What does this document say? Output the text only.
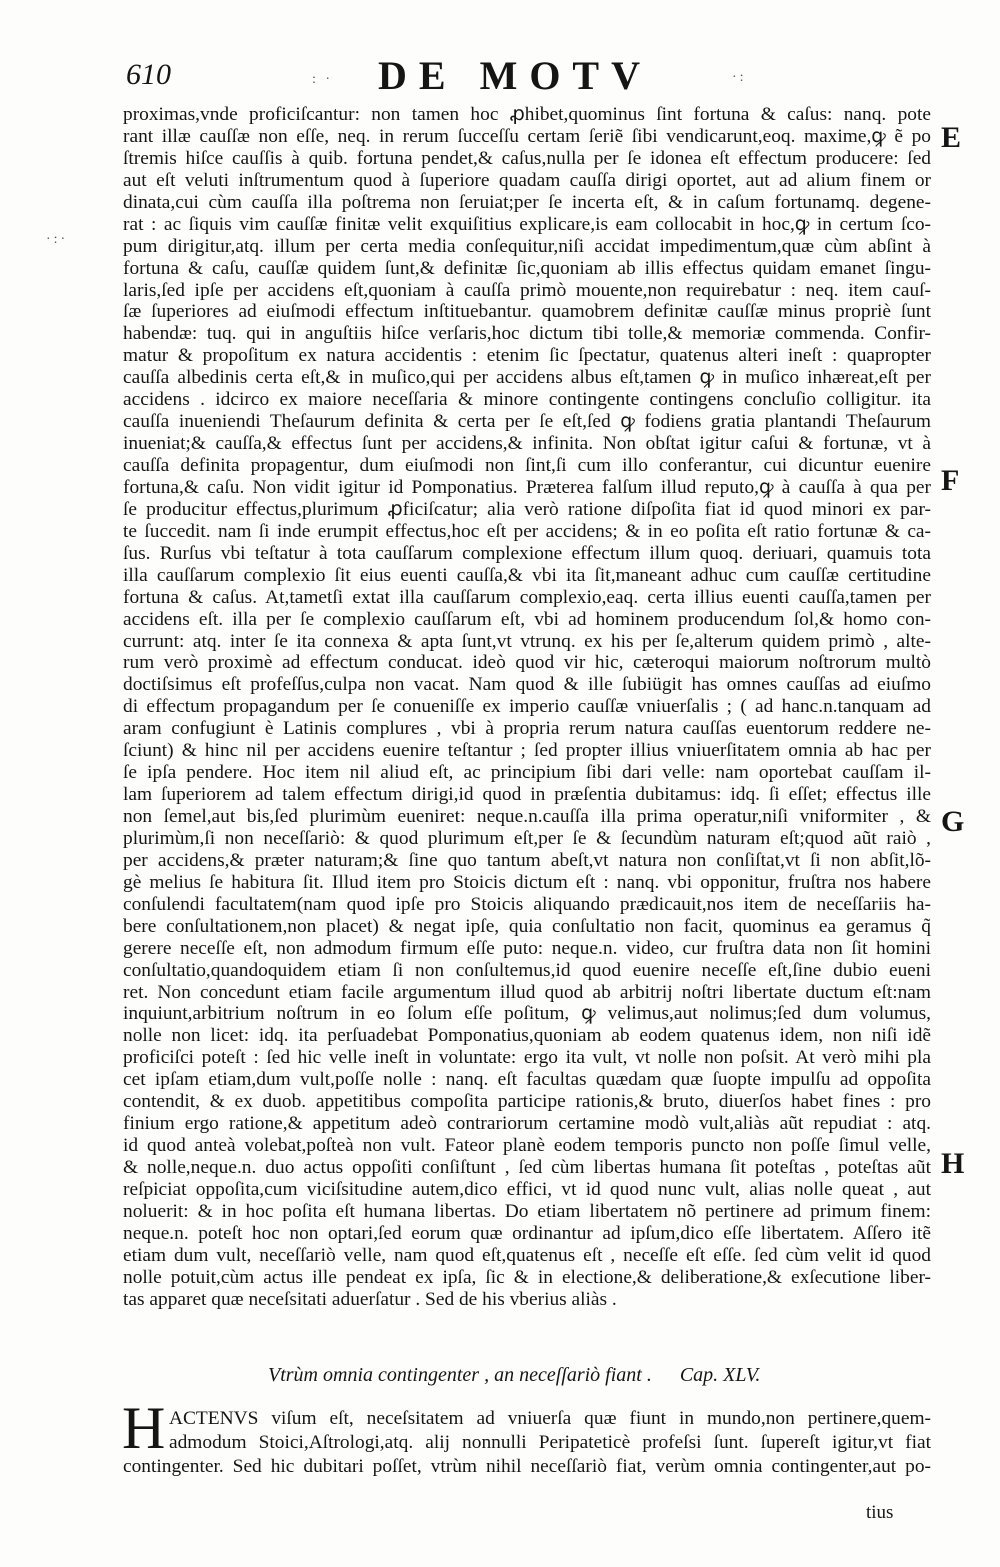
610	DE MOTV
: ·	·:
·:·
proximas,vnde proficiſcantur: non tamen hoc ꝓhibet,quominus ſint fortuna & caſus: nanq. pote
rant illæ cauſſæ non eſſe, neq. in rerum ſucceſſu certam ſeriẽ ſibi vendicarunt,eoq. maxime,ꝙ ẽ po
ſtremis hiſce cauſſis à quib. fortuna pendet,& caſus,nulla per ſe idonea eſt effectum producere: ſed
aut eſt veluti inſtrumentum quod à ſuperiore quadam cauſſa dirigi oportet, aut ad alium finem or
dinata,cui cùm cauſſa illa poſtrema non ſeruiat;per ſe incerta eſt, & in caſum fortunamq. degene-
rat : ac ſiquis vim cauſſæ finitæ velit exquiſitius explicare,is eam collocabit in hoc,ꝙ in certum ſco-
pum dirigitur,atq. illum per certa media conſequitur,niſi accidat impedimentum,quæ cùm abſint à
fortuna & caſu, cauſſæ quidem ſunt,& definitæ ſic,quoniam ab illis effectus quidam emanet ſingu-
laris,ſed ipſe per accidens eſt,quoniam à cauſſa primò mouente,non requirebatur : neq. item cauſ-
ſæ ſuperiores ad eiuſmodi effectum inſtituebantur. quamobrem definitæ cauſſæ minus propriè ſunt
habendæ: tuq. qui in anguſtiis hiſce verſaris,hoc dictum tibi tolle,& memoriæ commenda. Confir-
matur & propoſitum ex natura accidentis : etenim ſic ſpectatur, quatenus alteri ineſt : quapropter
cauſſa albedinis certa eſt,& in muſico,qui per accidens albus eſt,tamen ꝙ in muſico inhæreat,eſt per
accidens . idcirco ex maiore neceſſaria & minore contingente contingens concluſio colligitur. ita
cauſſa inueniendi Theſaurum definita & certa per ſe eſt,ſed ꝙ fodiens gratia plantandi Theſaurum
inueniat;& cauſſa,& effectus ſunt per accidens,& infinita. Non obſtat igitur caſui & fortunæ, vt à
cauſſa definita propagentur, dum eiuſmodi non ſint,ſi cum illo conferantur, cui dicuntur euenire
fortuna,& caſu. Non vidit igitur id Pomponatius. Præterea falſum illud reputo,ꝙ à cauſſa à qua per
ſe producitur effectus,plurimum ꝓficiſcatur; alia verò ratione diſpoſita fiat id quod minori ex par-
te ſuccedit. nam ſi inde erumpit effectus,hoc eſt per accidens; & in eo poſita eſt ratio fortunæ & ca-
ſus. Rurſus vbi teſtatur à tota cauſſarum complexione effectum illum quoq. deriuari, quamuis tota
illa cauſſarum complexio ſit eius euenti cauſſa,& vbi ita ſit,maneant adhuc cum cauſſæ certitudine
fortuna & caſus. At,tametſi extat illa cauſſarum complexio,eaq. certa illius euenti cauſſa,tamen per
accidens eſt. illa per ſe complexio cauſſarum eſt, vbi ad hominem producendum ſol,& homo con-
currunt: atq. inter ſe ita connexa & apta ſunt,vt vtrunq. ex his per ſe,alterum quidem primò , alte-
rum verò proximè ad effectum conducat. ideò quod vir hic, cæteroqui maiorum noſtrorum multò
doctiſsimus eſt profeſſus,culpa non vacat. Nam quod & ille ſubiügit has omnes cauſſas ad eiuſmo
di effectum propagandum per ſe conueniſſe ex imperio cauſſæ vniuerſalis ; ( ad hanc.n.tanquam ad
aram confugiunt è Latinis complures , vbi à propria rerum natura cauſſas euentorum reddere ne-
ſciunt) & hinc nil per accidens euenire teſtantur ; ſed propter illius vniuerſitatem omnia ab hac per
ſe ipſa pendere. Hoc item nil aliud eſt, ac principium ſibi dari velle: nam oportebat cauſſam il-
lam ſuperiorem ad talem effectum dirigi,id quod in præſentia dubitamus: idq. ſi eſſet; effectus ille
non ſemel,aut bis,ſed plurimùm eueniret: neque.n.cauſſa illa prima operatur,niſi vniformiter , &
plurimùm,ſi non neceſſariò: & quod plurimum eſt,per ſe & ſecundùm naturam eſt;quod aũt raiò ,
per accidens,& præter naturam;& ſine quo tantum abeſt,vt natura non conſiſtat,vt ſi non abſit,lõ-
gè melius ſe habitura ſit. Illud item pro Stoicis dictum eſt : nanq. vbi opponitur, fruſtra nos habere
conſulendi facultatem(nam quod ipſe pro Stoicis aliquando prædicauit,nos item de neceſſariis ha-
bere conſultationem,non placet) & negat ipſe, quia conſultatio non facit, quominus ea geramus q̃
gerere neceſſe eſt, non admodum firmum eſſe puto: neque.n. video, cur fruſtra data non ſit homini
conſultatio,quandoquidem etiam ſi non conſultemus,id quod euenire neceſſe eſt,ſine dubio eueni
ret. Non concedunt etiam facile argumentum illud quod ab arbitrij noſtri libertate ductum eſt:nam
inquiunt,arbitrium noſtrum in eo ſolum eſſe poſitum, ꝙ velimus,aut nolimus;ſed dum volumus,
nolle non licet: idq. ita perſuadebat Pomponatius,quoniam ab eodem quatenus idem, non niſi idẽ
proficiſci poteſt : ſed hic velle ineſt in voluntate: ergo ita vult, vt nolle non poſsit. At verò mihi pla
cet ipſam etiam,dum vult,poſſe nolle : nanq. eſt facultas quædam quæ ſuopte impulſu ad oppoſita
contendit, & ex duob. appetitibus compoſita participe rationis,& bruto, diuerſos habet fines : pro
finium ergo ratione,& appetitum adeò contrariorum certamine modò vult,aliàs aũt repudiat : atq.
id quod anteà volebat,poſteà non vult. Fateor planè eodem temporis puncto non poſſe ſimul velle,
& nolle,neque.n. duo actus oppoſiti conſiſtunt , ſed cùm libertas humana ſit poteſtas , poteſtas aũt
reſpiciat oppoſita,cum viciſsitudine autem,dico effici, vt id quod nunc vult, alias nolle queat , aut
noluerit: & in hoc poſita eſt humana libertas. Do etiam libertatem nõ pertinere ad primum finem:
neque.n. poteſt hoc non optari,ſed eorum quæ ordinantur ad ipſum,dico eſſe libertatem. Aſſero itẽ
etiam dum vult, neceſſariò velle, nam quod eſt,quatenus eſt , neceſſe eſt eſſe. ſed cùm velit id quod
nolle potuit,cùm actus ille pendeat ex ipſa, ſic & in electione,& deliberatione,& exſecutione liber-
tas apparet quæ neceſsitati aduerſatur . Sed de his vberius aliàs .
E
F
G
H
Vtrùm omnia contingenter , an neceſſariò fiant . Cap. XLV.
H ACTENVS viſum eſt, neceſsitatem ad vniuerſa quæ fiunt in mundo,non pertinere,quem-
admodum Stoici,Aſtrologi,atq. alij nonnulli Peripateticè profeſsi ſunt. ſupereſt igitur,vt fiat
contingenter. Sed hic dubitari poſſet, vtrùm nihil neceſſariò fiat, verùm omnia contingenter,aut po-
tius
